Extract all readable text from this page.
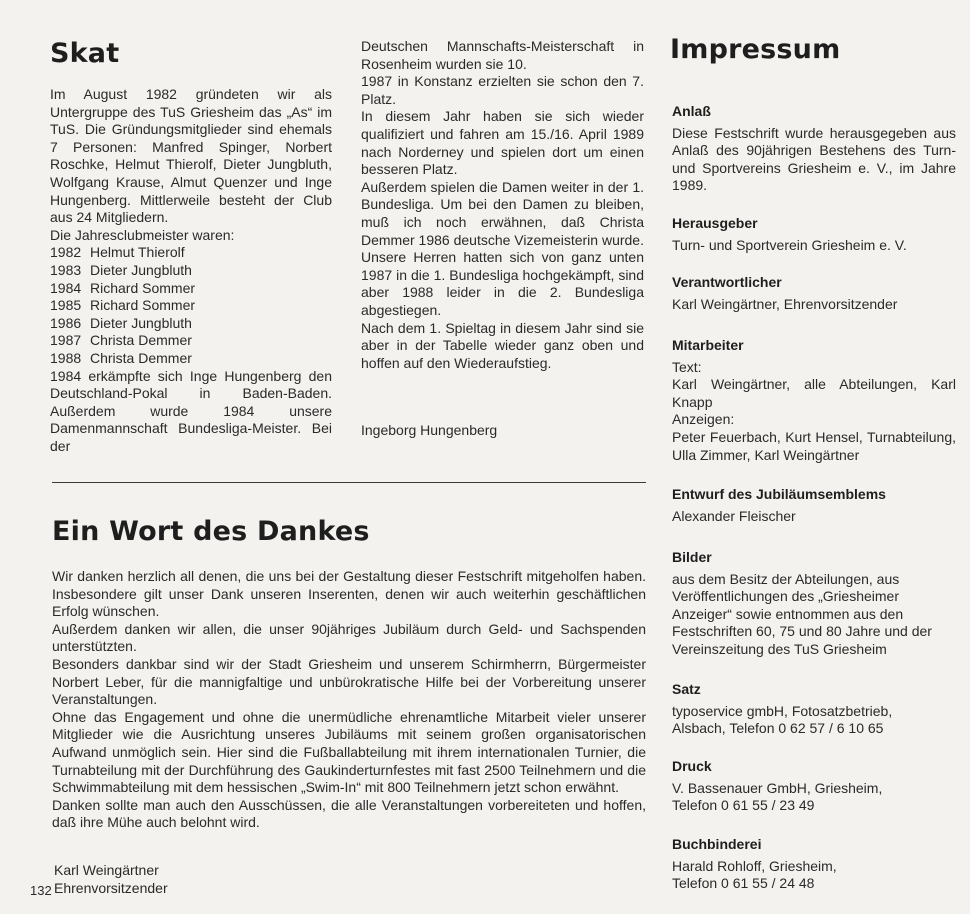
Skat

Im August 1982 gründeten wir als Untergruppe des TuS Griesheim das „As“ im TuS. Die Gründungsmitglieder sind ehemals 7 Personen: Manfred Spinger, Norbert Roschke, Helmut Thierolf, Dieter Jungbluth, Wolfgang Krause, Almut Quenzer und Inge Hungenberg. Mittlerweile besteht der Club aus 24 Mitgliedern.

Die Jahresclubmeister waren:

1982 Helmut Thierolf
1983 Dieter Jungbluth
1984 Richard Sommer
1985 Richard Sommer
1986 Dieter Jungbluth
1987 Christa Demmer
1988 Christa Demmer

1984 erkämpfte sich Inge Hungenberg den Deutschland-Pokal in Baden-Baden. Außerdem wurde 1984 unsere Damenmannschaft Bundesliga-Meister. Bei der

Deutschen Mannschafts-Meisterschaft in Rosenheim wurden sie 10.

1987 in Konstanz erzielten sie schon den 7. Platz.

In diesem Jahr haben sie sich wieder qualifiziert und fahren am 15./16. April 1989 nach Norderney und spielen dort um einen besseren Platz.

Außerdem spielen die Damen weiter in der 1. Bundesliga. Um bei den Damen zu bleiben, muß ich noch erwähnen, daß Christa Demmer 1986 deutsche Vizemeisterin wurde.

Unsere Herren hatten sich von ganz unten 1987 in die 1. Bundesliga hochgekämpft, sind aber 1988 leider in die 2. Bundesliga abgestiegen.

Nach dem 1. Spieltag in diesem Jahr sind sie aber in der Tabelle wieder ganz oben und hoffen auf den Wiederaufstieg.

Ingeborg Hungenberg
Ein Wort des Dankes

Wir danken herzlich all denen, die uns bei der Gestaltung dieser Festschrift mitgeholfen haben. Insbesondere gilt unser Dank unseren Inserenten, denen wir auch weiterhin geschäftlichen Erfolg wünschen.

Außerdem danken wir allen, die unser 90jähriges Jubiläum durch Geld- und Sachspenden unterstützten.

Besonders dankbar sind wir der Stadt Griesheim und unserem Schirmherrn, Bürgermeister Norbert Leber, für die mannigfaltige und unbürokratische Hilfe bei der Vorbereitung unserer Veranstaltungen.

Ohne das Engagement und ohne die unermüdliche ehrenamtliche Mitarbeit vieler unserer Mitglieder wie die Ausrichtung unseres Jubiläums mit seinem großen organisatorischen Aufwand unmöglich sein. Hier sind die Fußballabteilung mit ihrem internationalen Turnier, die Turnabteilung mit der Durchführung des Gaukinderturnfestes mit fast 2500 Teilnehmern und die Schwimmabteilung mit dem hessischen „Swim-In“ mit 800 Teilnehmern jetzt schon erwähnt.

Danken sollte man auch den Ausschüssen, die alle Veranstaltungen vorbereiteten und hoffen, daß ihre Mühe auch belohnt wird.

Karl Weingärtner
Ehrenvorsitzender
132
Impressum
Anlaß

Diese Festschrift wurde herausgegeben aus Anlaß des 90jährigen Bestehens des Turn- und Sportvereins Griesheim e. V., im Jahre 1989.

Herausgeber

Turn- und Sportverein Griesheim e. V.

Verantwortlicher

Karl Weingärtner, Ehrenvorsitzender

Mitarbeiter

Text:

Karl Weingärtner, alle Abteilungen, Karl Knapp

Anzeigen:

Peter Feuerbach, Kurt Hensel, Turnabteilung, Ulla Zimmer, Karl Weingärtner

Entwurf des Jubiläumsemblems

Alexander Fleischer

Bilder

aus dem Besitz der Abteilungen, aus Veröffentlichungen des „Griesheimer Anzeiger“ sowie entnommen aus den Festschriften 60, 75 und 80 Jahre und der Vereinszeitung des TuS Griesheim

Satz

typoservice gmbH, Fotosatzbetrieb,

Alsbach, Telefon 0 62 57 / 6 10 65

Druck

V. Bassenauer GmbH, Griesheim,

Telefon 0 61 55 / 23 49

Buchbinderei

Harald Rohloff, Griesheim,

Telefon 0 61 55 / 24 48
